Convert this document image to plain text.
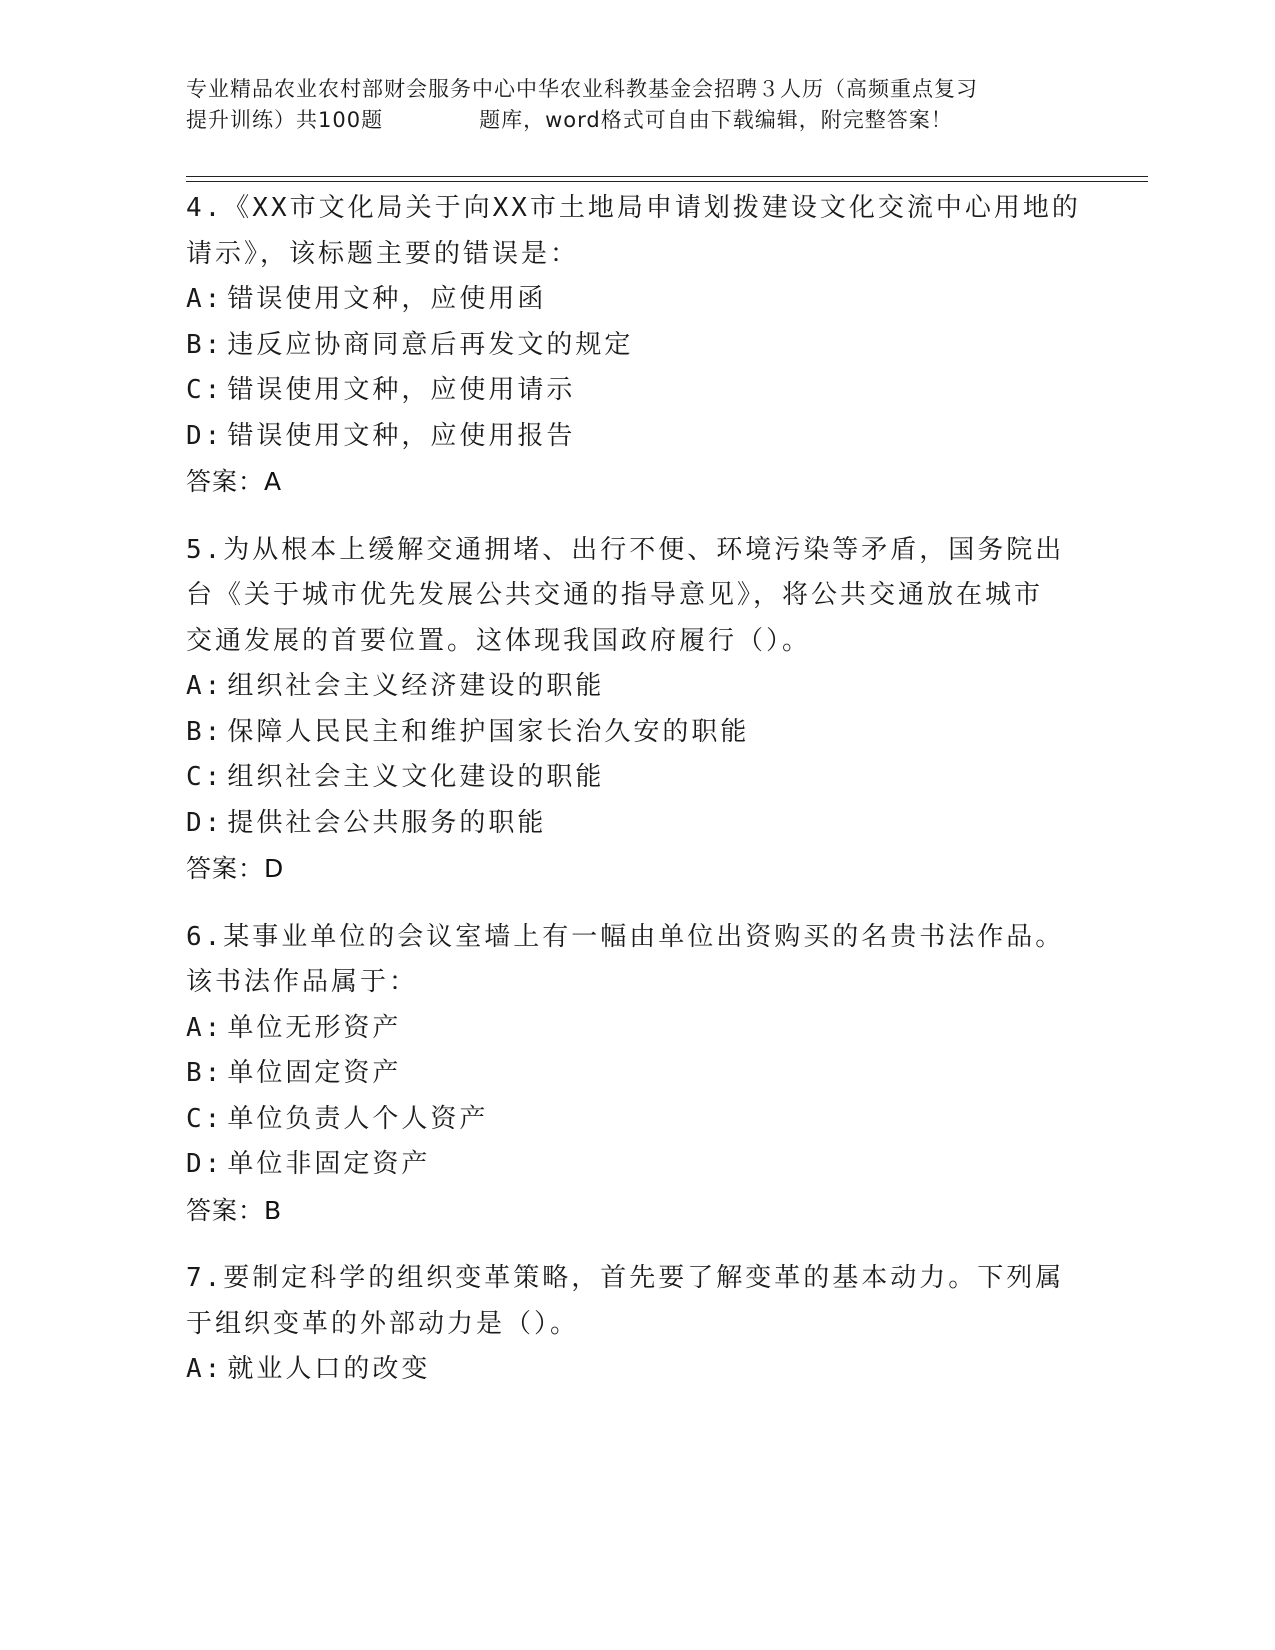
专业精品农业农村部财会服务中心中华农业科教基金会招聘３人历（高频重点复习
提升训练）共100题	题库，word格式可自由下载编辑，附完整答案！
4.《XX市文化局关于向XX市土地局申请划拨建设文化交流中心用地的
请示》，该标题主要的错误是：
A: 错误使用文种，应使用函
B: 违反应协商同意后再发文的规定
C: 错误使用文种，应使用请示
D: 错误使用文种，应使用报告
答案：A
5.为从根本上缓解交通拥堵、出行不便、环境污染等矛盾，国务院出
台《关于城市优先发展公共交通的指导意见》，将公共交通放在城市
交通发展的首要位置。这体现我国政府履行（）。
A: 组织社会主义经济建设的职能
B: 保障人民民主和维护国家长治久安的职能
C: 组织社会主义文化建设的职能
D: 提供社会公共服务的职能
答案：D
6.某事业单位的会议室墙上有一幅由单位出资购买的名贵书法作品。
该书法作品属于：
A: 单位无形资产
B: 单位固定资产
C: 单位负责人个人资产
D: 单位非固定资产
答案：B
7.要制定科学的组织变革策略，首先要了解变革的基本动力。下列属
于组织变革的外部动力是（）。
A: 就业人口的改变
